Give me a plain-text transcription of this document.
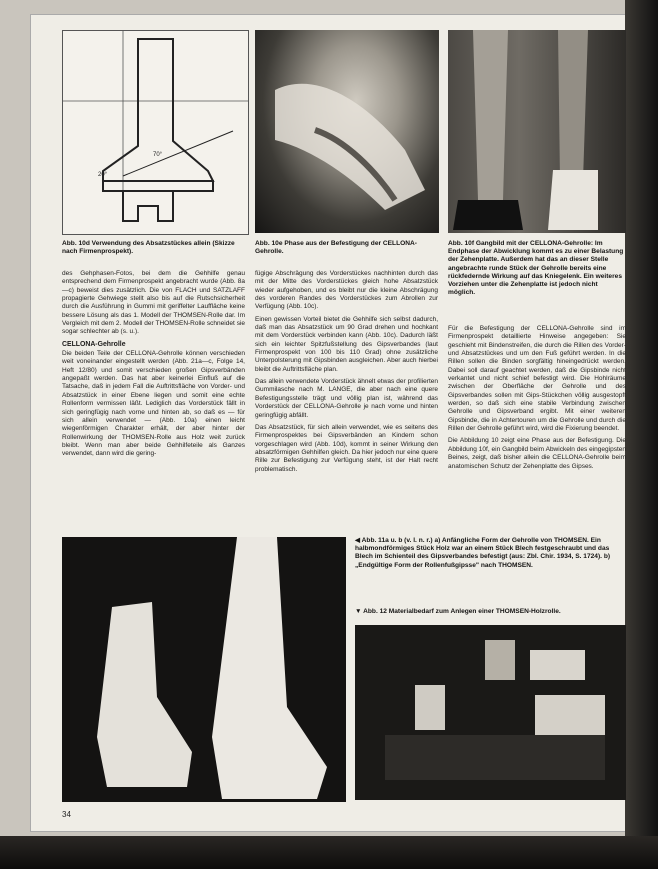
70°
20°
Abb. 10d Verwendung des Absatzstückes allein (Skizze nach Firmenprospekt).
Abb. 10e Phase aus der Befestigung der CELLONA-Gehrolle.
Abb. 10f Gangbild mit der CELLONA-Gehrolle: Im Endphase der Abwicklung kommt es zu einer Belastung der Zehenplatte. Außerdem hat das an dieser Stelle angebrachte runde Stück der Gehrolle bereits eine rückfedernde Wirkung auf das Kniegelenk. Ein weiteres Vorziehen unter die Zehenplatte ist jedoch nicht möglich.

des Gehphasen-Fotos, bei dem die Gehhilfe genau entsprechend dem Firmenprospekt angebracht wurde (Abb. 8a—c) beweist dies zusätzlich. Die von FLACH und SATZLAFF propagierte Gehwiege stellt also bis auf die Rutschsicherheit durch die Ausführung in Gummi mit geriffelter Lauffläche keine bessere Lösung als das 1. Modell der THOMSEN-Rolle dar. Im Vergleich mit dem 2. Modell der THOMSEN-Rolle schneidet sie sogar schlechter ab (s. u.).

CELLONA-Gehrolle

Die beiden Teile der CELLONA-Gehrolle können verschieden weit voneinander eingestellt werden (Abb. 21a—c, Folge 14, Heft 12/80) und somit verschieden großen Gipsverbänden angepaßt werden. Das hat aber keinerlei Einfluß auf die Tatsache, daß in jedem Fall die Auftrittsfläche von Vorder- und Absatzstück in einer Ebene liegen und somit eine echte Rollenform vermissen läßt. Lediglich das Vorderstück fällt in sich geringfügig nach vorne und hinten ab, so daß es — für sich allein verwendet — (Abb. 10a) einen leicht wiegenförmigen Charakter erhält, der aber hinter der Rollenwirkung der THOMSEN-Rolle aus Holz weit zurück bleibt. Wenn man aber beide Gehhilfeteile als Ganzes verwendet, dann wird die gering-

fügige Abschrägung des Vorderstückes nachhinten durch das mit der Mitte des Vorderstückes gleich hohe Absatzstück wieder aufgehoben, und es bleibt nur die kleine Abschrägung des vorderen Randes des Vorderstückes zum Abrollen zur Verfügung (Abb. 10c).

Einen gewissen Vorteil bietet die Gehhilfe sich selbst dadurch, daß man das Absatzstück um 90 Grad drehen und hochkant mit dem Vorderstück verbinden kann (Abb. 10c). Dadurch läßt sich ein leichter Spitzfußstellung des Gipsverbandes (laut Firmenprospekt von 100 bis 110 Grad) ohne zusätzliche Unterpolsterung mit Gipsbinden ausgleichen. Aber auch hierbei bleibt die Auftrittsfläche plan.

Das allein verwendete Vorderstück ähnelt etwas der profilierten Gummilasche nach M. LANGE, die aber nach eine quere Befestigungsstelle trägt und völlig plan ist, während das Vorderstück der CELLONA-Gehrolle je nach vorne und hinten geringfügig abfällt.

Das Absatzstück, für sich allein verwendet, wie es seitens des Firmenprospektes bei Gipsverbänden an Kindern schon vorgeschlagen wird (Abb. 10d), kommt in seiner Wirkung den absatzförmigen Gehhilfen gleich. Da hier jedoch nur eine quere Rille zur Befestigung zur Verfügung steht, ist der Halt recht problematisch.

Für die Befestigung der CELLONA-Gehrolle sind im Firmenprospekt detaillierte Hinweise angegeben: Sie geschieht mit Bindenstreifen, die durch die Rillen des Vorder- und Absatzstückes und um den Fuß geführt werden. In die Rillen sollen die Binden sorgfältig hineingedrückt werden. Dabei soll darauf geachtet werden, daß die Gipsbinde nicht verkantet und nicht schief befestigt wird. Die Hohlräume zwischen der Oberfläche der Gehrolle und des Gipsverbandes sollen mit Gips-Stückchen völlig ausgestopft werden, so daß sich eine stabile Verbindung zwischen Gehrolle und Gipsverband ergibt. Mit einer weiteren Gipsbinde, die in Achtertouren um die Gehrolle und durch die Rillen der Gehrolle geführt wird, wird die Fixierung beendet.

Die Abbildung 10 zeigt eine Phase aus der Befestigung. Die Abbildung 10f, ein Gangbild beim Abwickeln des eingegipsten Beines, zeigt, daß bisher allein die CELLONA-Gehrolle beim anatomischen Schutz der Zehenplatte des Gipses.

◀ Abb. 11a u. b (v. l. n. r.) a) Anfängliche Form der Gehrolle von THOMSEN. Ein halbmondförmiges Stück Holz war an einem Stück Blech festgeschraubt und das Blech im Schienteil des Gipsverbandes befestigt (aus: Zbl. Chir. 1934, S. 1724). b) „Endgültige Form der Rollenfußgipsse" nach THOMSEN.
▼ Abb. 12 Materialbedarf zum Anlegen einer THOMSEN-Holzrolle.
34
